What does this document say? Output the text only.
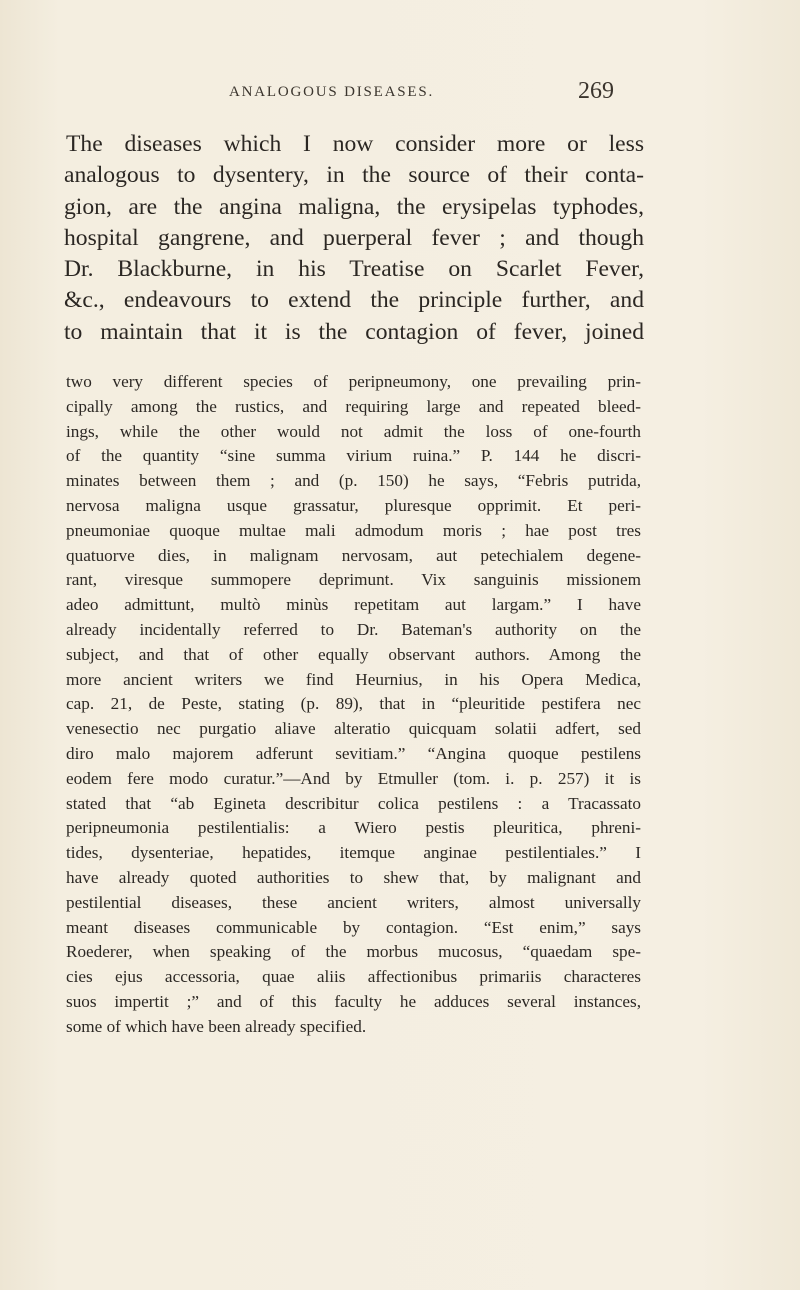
ANALOGOUS DISEASES.	269
The diseases which I now consider more or less
analogous to dysentery, in the source of their conta-
gion, are the angina maligna, the erysipelas typhodes,
hospital gangrene, and puerperal fever ; and though
Dr. Blackburne, in his Treatise on Scarlet Fever,
&c., endeavours to extend the principle further, and
to maintain that it is the contagion of fever, joined
two very different species of peripneumony, one prevailing prin-
cipally among the rustics, and requiring large and repeated bleed-
ings, while the other would not admit the loss of one-fourth
of the quantity “sine summa virium ruina.” P. 144 he discri-
minates between them ; and (p. 150) he says, “Febris putrida,
nervosa maligna usque grassatur, pluresque opprimit. Et peri-
pneumoniae quoque multae mali admodum moris ; hae post tres
quatuorve dies, in malignam nervosam, aut petechialem degene-
rant, viresque summopere deprimunt. Vix sanguinis missionem
adeo admittunt, multò minùs repetitam aut largam.” I have
already incidentally referred to Dr. Bateman's authority on the
subject, and that of other equally observant authors. Among the
more ancient writers we find Heurnius, in his Opera Medica,
cap. 21, de Peste, stating (p. 89), that in “pleuritide pestifera nec
venesectio nec purgatio aliave alteratio quicquam solatii adfert, sed
diro malo majorem adferunt sevitiam.” “Angina quoque pestilens
eodem fere modo curatur.”—And by Etmuller (tom. i. p. 257) it is
stated that “ab Egineta describitur colica pestilens : a Tracassato
peripneumonia pestilentialis: a Wiero pestis pleuritica, phreni-
tides, dysenteriae, hepatides, itemque anginae pestilentiales.” I
have already quoted authorities to shew that, by malignant and
pestilential diseases, these ancient writers, almost universally
meant diseases communicable by contagion. “Est enim,” says
Roederer, when speaking of the morbus mucosus, “quaedam spe-
cies ejus accessoria, quae aliis affectionibus primariis characteres
suos impertit ;” and of this faculty he adduces several instances,
some of which have been already specified.
